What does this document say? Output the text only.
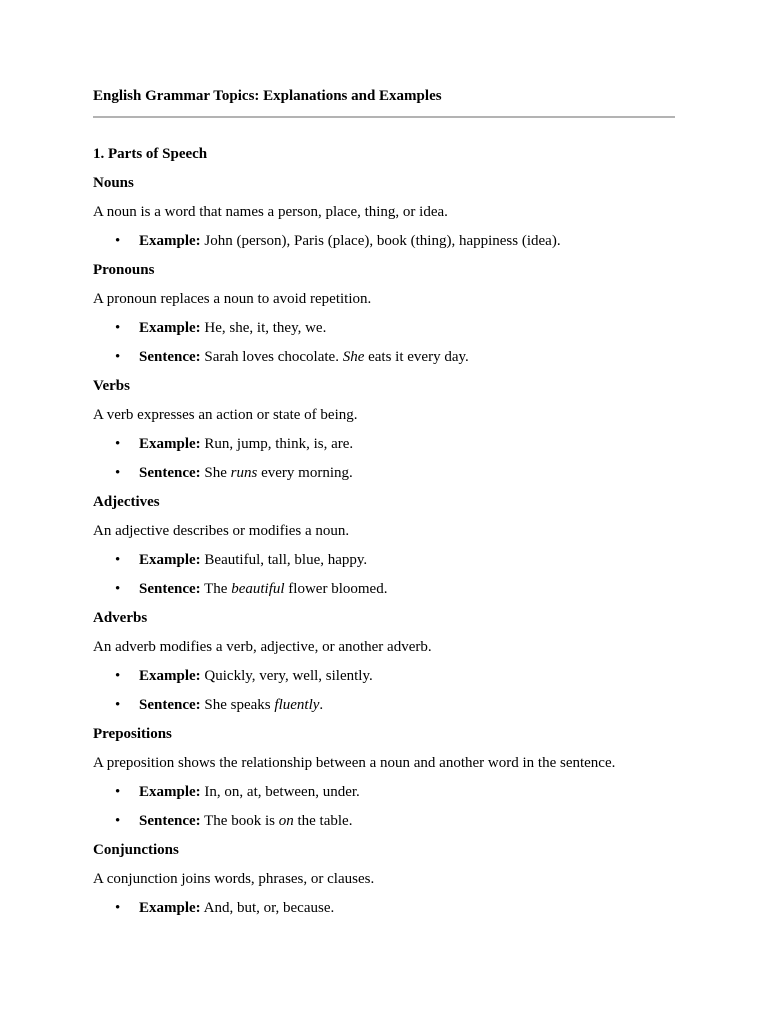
English Grammar Topics: Explanations and Examples

1. Parts of Speech

Nouns

A noun is a word that names a person, place, thing, or idea.

• Example: John (person), Paris (place), book (thing), happiness (idea).

Pronouns

A pronoun replaces a noun to avoid repetition.

• Example: He, she, it, they, we.
• Sentence: Sarah loves chocolate. She eats it every day.

Verbs

A verb expresses an action or state of being.

• Example: Run, jump, think, is, are.
• Sentence: She runs every morning.

Adjectives

An adjective describes or modifies a noun.

• Example: Beautiful, tall, blue, happy.
• Sentence: The beautiful flower bloomed.

Adverbs

An adverb modifies a verb, adjective, or another adverb.

• Example: Quickly, very, well, silently.
• Sentence: She speaks fluently.

Prepositions

A preposition shows the relationship between a noun and another word in the sentence.

• Example: In, on, at, between, under.
• Sentence: The book is on the table.

Conjunctions

A conjunction joins words, phrases, or clauses.

• Example: And, but, or, because.
